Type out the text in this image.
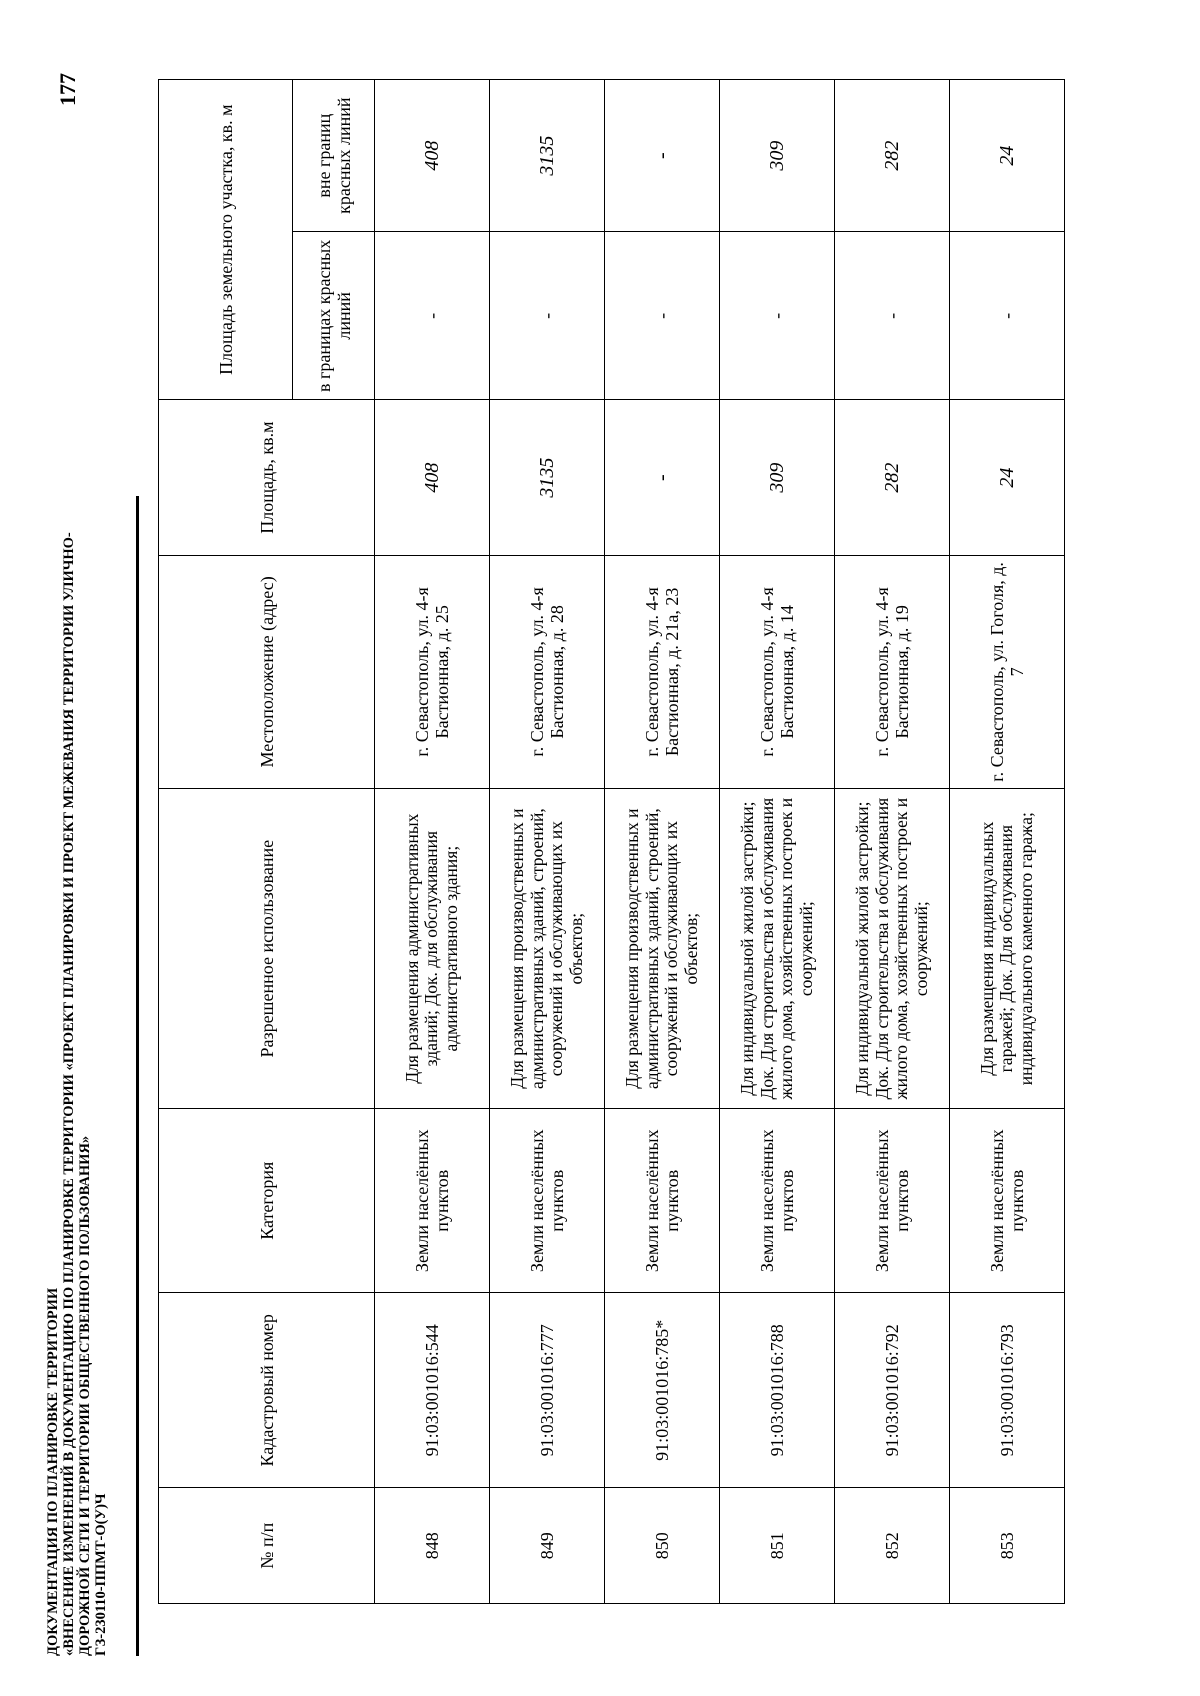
ДОКУМЕНТАЦИЯ ПО ПЛАНИРОВКЕ ТЕРРИТОРИИ «ВНЕСЕНИЕ ИЗМЕНЕНИЙ В ДОКУМЕНТАЦИЮ ПО ПЛАНИРОВКЕ ТЕРРИТОРИИ «ПРОЕКТ ПЛАНИРОВКИ И ПРОЕКТ МЕЖЕВАНИЯ ТЕРРИТОРИИ УЛИЧНО- ДОРОЖНОЙ СЕТИ И ТЕРРИТОРИИ ОБЩЕСТВЕННОГО ПОЛЬЗОВАНИЯ» ГЗ-230110-ППМТ-О(У)Ч
177
№ п/п	Кадастровый номер	Категория	Разрешенное использование	Местоположение (адрес)	Площадь, кв.м	Площадь земельного участка, кв. м	
						в границах красных линий	вне границ красных линий
848	91:03:001016:544	Земли населённых пунктов	Для размещения административных зданий; Док. для обслуживания административного здания;	г. Севастополь, ул. 4-я Бастионная, д. 25	408	-	408
849	91:03:001016:777	Земли населённых пунктов	Для размещения производственных и административных зданий, строений, сооружений и обслуживающих их объектов;	г. Севастополь, ул. 4-я Бастионная, д. 28	3135	-	3135
850	91:03:001016:785*	Земли населённых пунктов	Для размещения производственных и административных зданий, строений, сооружений и обслуживающих их объектов;	г. Севастополь, ул. 4-я Бастионная, д. 21а, 23	-	-	-
851	91:03:001016:788	Земли населённых пунктов	Для индивидуальной жилой застройки; Док. Для строительства и обслуживания жилого дома, хозяйственных построек и сооружений;	г. Севастополь, ул. 4-я Бастионная, д. 14	309	-	309
852	91:03:001016:792	Земли населённых пунктов	Для индивидуальной жилой застройки; Док. Для строительства и обслуживания жилого дома, хозяйственных построек и сооружений;	г. Севастополь, ул. 4-я Бастионная, д. 19	282	-	282
853	91:03:001016:793	Земли населённых пунктов	Для размещения индивидуальных гаражей; Док. Для обслуживания индивидуального каменного гаража;	г. Севастополь, ул. Гоголя, д. 7	24	-	24
